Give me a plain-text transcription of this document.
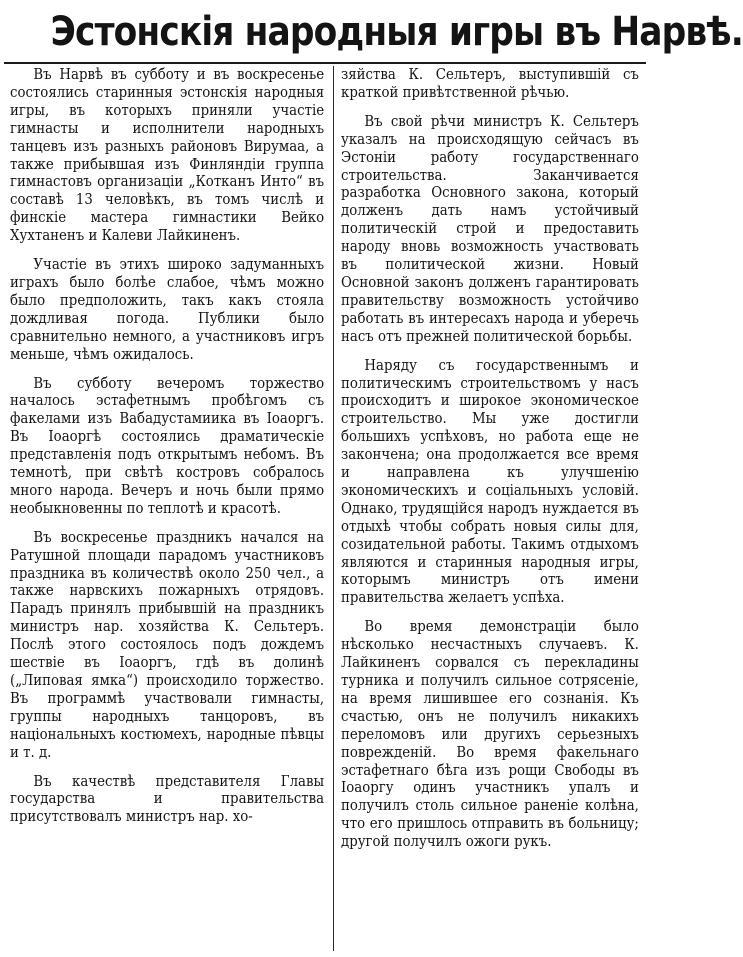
Эстонскія народныя игры въ Нарвѣ.

Въ Нарвѣ въ субботу и въ воскресенье состоялись старинныя эстонскія народныя игры, въ которыхъ приняли участіе гимнасты и исполнители народныхъ танцевъ изъ разныхъ районовъ Вирумаа, а также прибывшая изъ Финляндіи группа гимнастовъ организаціи „Котканъ Инто“ въ составѣ 13 человѣкъ, въ томъ числѣ и финскіе мастера гимнастики Вейко Хухтаненъ и Калеви Лайкиненъ.

Участіе въ этихъ широко задуманныхъ играхъ было болѣе слабое, чѣмъ можно было предположить, такъ какъ стояла дождливая погода. Публики было сравнительно немного, а участниковъ игръ меньше, чѣмъ ожидалось.

Въ субботу вечеромъ торжество началось эстафетнымъ пробѣгомъ съ факелами изъ Вабадустамиика въ Іоаоргъ. Въ Іоаоргѣ состоялись драматическіе представленія подъ открытымъ небомъ. Въ темнотѣ, при свѣтѣ костровъ собралось много народа. Вечеръ и ночь были прямо необыкновенны по теплотѣ и красотѣ.

Въ воскресенье праздникъ начался на Ратушной площади парадомъ участниковъ праздника въ количествѣ около 250 чел., а также нарвскихъ пожарныхъ отрядовъ. Парадъ принялъ прибывшій на праздникъ министръ нар. хозяйства К. Сельтеръ. Послѣ этого состоялось подъ дождемъ шествіе въ Іоаоргъ, гдѣ въ долинѣ („Липовая ямка“) происходило торжество. Въ программѣ участвовали гимнасты, группы народныхъ танцоровъ, въ національныхъ костюмехъ, народные пѣвцы и т. д.

Въ качествѣ представителя Главы государства и правительства присутствовалъ министръ нар. хо-

зяйства К. Сельтеръ, выступившій съ краткой привѣтственной рѣчью.

Въ свой рѣчи министръ К. Сельтеръ указалъ на происходящую сейчасъ въ Эстоніи работу государственнаго строительства. Заканчивается разработка Основного закона, который долженъ дать намъ устойчивый политическій строй и предоставить народу вновь возможность участвовать въ политической жизни. Новый Основной законъ долженъ гарантировать правительству возможность устойчиво работать въ интересахъ народа и уберечь насъ отъ прежней политической борьбы.

Наряду съ государственнымъ и политическимъ строительствомъ у насъ происходитъ и широкое экономическое строительство. Мы уже достигли большихъ успѣховъ, но работа еще не закончена; она продолжается все время и направлена къ улучшенію экономическихъ и соціальныхъ условій. Однако, трудящійся народъ нуждается въ отдыхѣ чтобы собрать новыя силы для, созидательной работы. Такимъ отдыхомъ являются и старинныя народныя игры, которымъ министръ отъ имени правительства желаетъ успѣха.

Во время демонстраціи было нѣсколько несчастныхъ случаевъ. К. Лайкиненъ сорвался съ перекладины турника и получилъ сильное сотрясеніе, на время лишившее его сознанія. Къ счастью, онъ не получилъ никакихъ переломовъ или другихъ серьезныхъ поврежденій. Во время факельнаго эстафетнаго бѣга изъ рощи Свободы въ Іоаоргу одинъ участникъ упалъ и получилъ столь сильное раненіе колѣна, что его пришлось отправить въ больницу; другой получилъ ожоги рукъ.
